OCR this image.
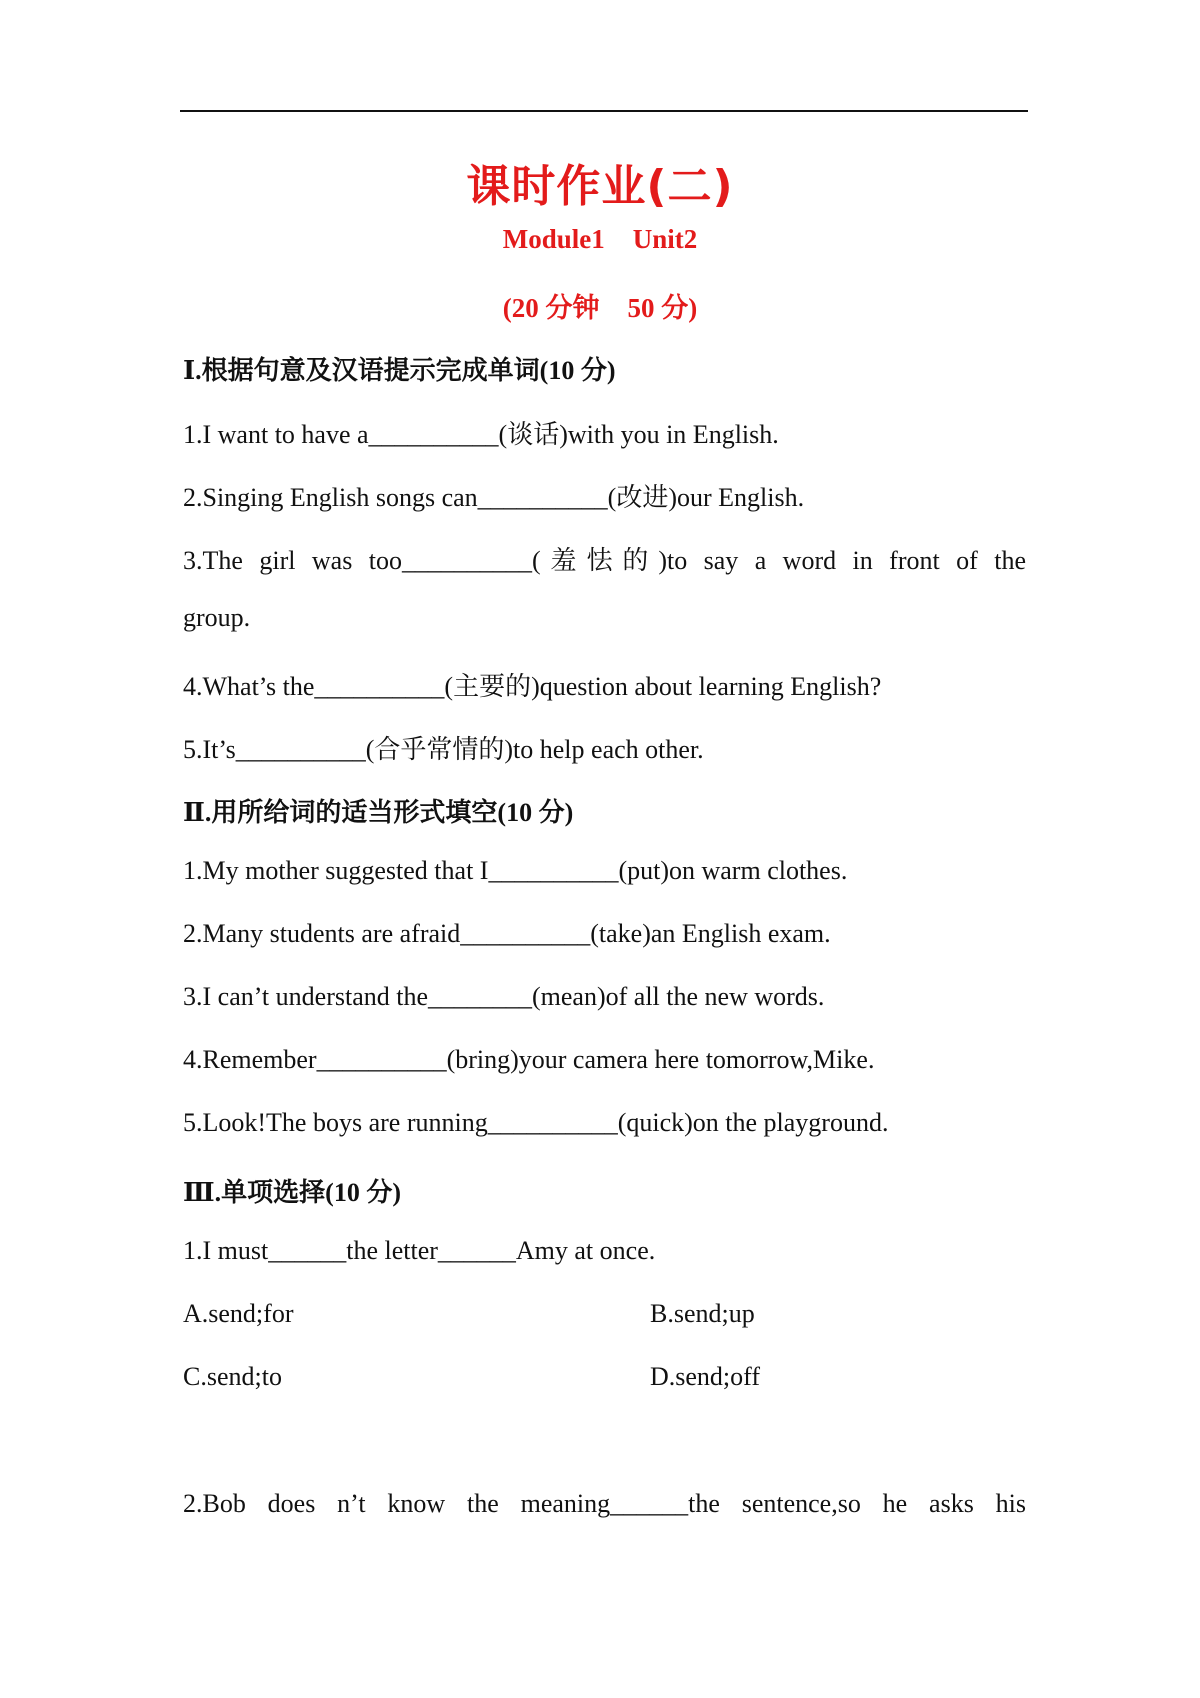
课时作业(二)
Module1 Unit2
(20 分钟 50 分)
Ⅰ.根据句意及汉语提示完成单词(10 分)
1.I want to have a__________(谈话)with you in English.
2.Singing English songs can__________(改进)our English.
3.The girl was too__________(羞怯的)to say a word in front of the
group.
4.What’s the__________(主要的)question about learning English?
5.It’s__________(合乎常情的)to help each other.
Ⅱ.用所给词的适当形式填空(10 分)
1.My mother suggested that I__________(put)on warm clothes.
2.Many students are afraid__________(take)an English exam.
3.I can’t understand the________(mean)of all the new words.
4.Remember__________(bring)your camera here tomorrow,Mike.
5.Look!The boys are running__________(quick)on the playground.
Ⅲ.单项选择(10 分)
1.I must______the letter______Amy at once.
A.send;for	B.send;up
C.send;to	D.send;off
2.Bob does n’t know the meaning______the sentence,so he asks his
